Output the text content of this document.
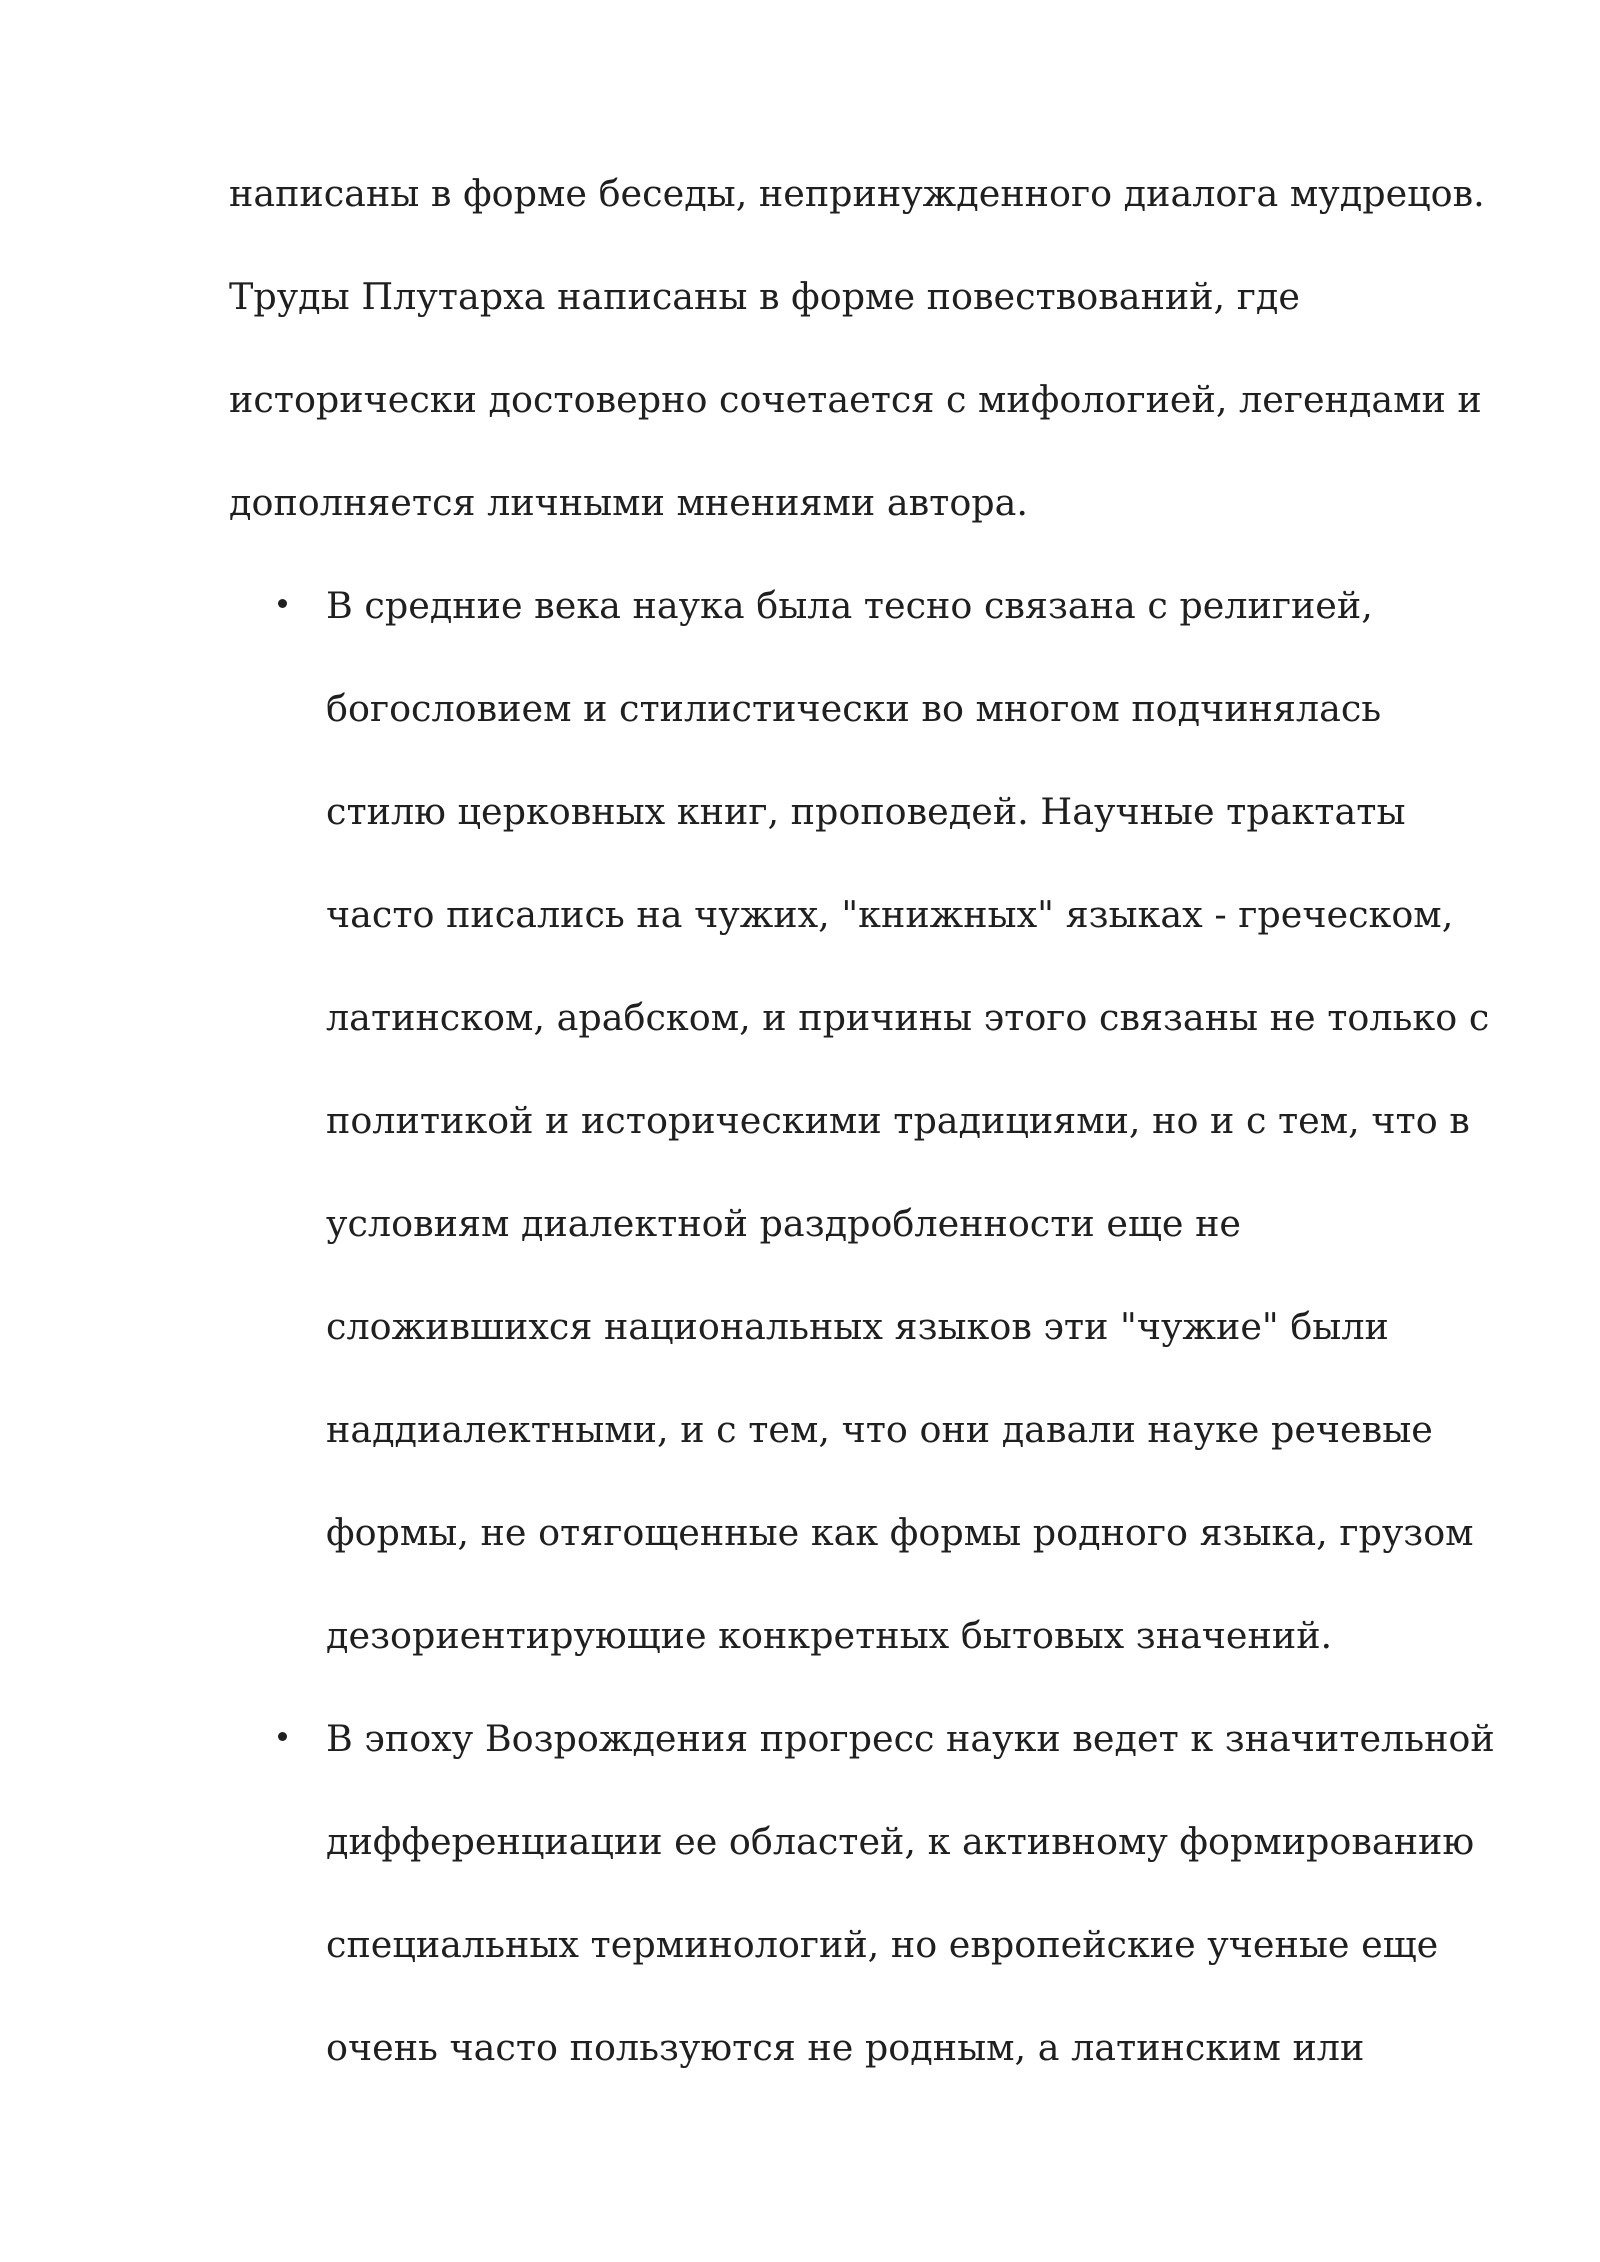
написаны в форме беседы, непринужденного диалога мудрецов.
Труды Плутарха написаны в форме повествований, где
исторически достоверно сочетается с мифологией, легендами и
дополняется личными мнениями автора.

В средние века наука была тесно связана с религией,
богословием и стилистически во многом подчинялась
стилю церковных книг, проповедей. Научные трактаты
часто писались на чужих, "книжных" языках - греческом,
латинском, арабском, и причины этого связаны не только с
политикой и историческими традициями, но и с тем, что в
условиям диалектной раздробленности еще не
сложившихся национальных языков эти "чужие" были
наддиалектными, и с тем, что они давали науке речевые
формы, не отягощенные как формы родного языка, грузом
дезориентирующие конкретных бытовых значений.
В эпоху Возрождения прогресс науки ведет к значительной
дифференциации ее областей, к активному формированию
специальных терминологий, но европейские ученые еще
очень часто пользуются не родным, а латинским или
